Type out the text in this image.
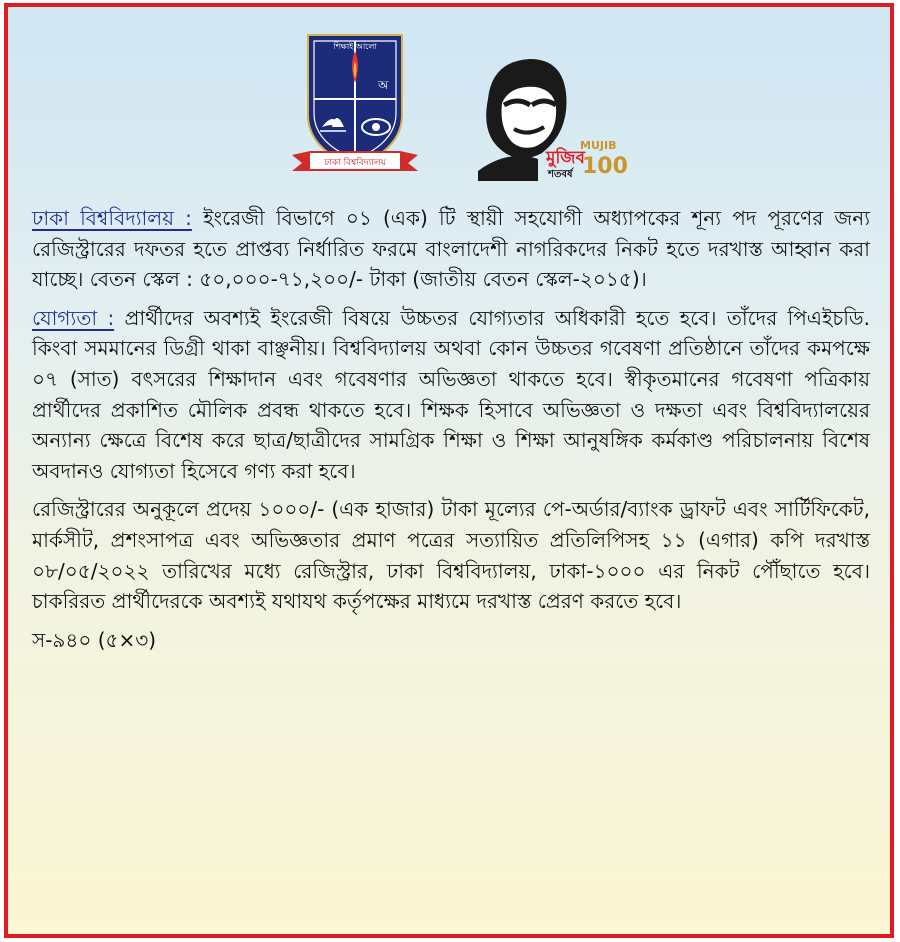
অ
শিক্ষাই আলো
ঢাকা বিশ্ববিদ্যালয়	মুজিব
শতবর্ষ
MUJIB
100

ঢাকা বিশ্ববিদ্যালয় : ইংরেজী বিভাগে ০১ (এক) টি স্থায়ী সহযোগী অধ্যাপকের শূন্য পদ পূরণের জন্য রেজিস্ট্রারের দফতর হতে প্রাপ্তব্য নির্ধারিত ফরমে বাংলাদেশী নাগরিকদের নিকট হতে দরখাস্ত আহ্বান করা যাচ্ছে। বেতন স্কেল : ৫০,০০০-৭১,২০০/- টাকা (জাতীয় বেতন স্কেল-২০১৫)।

যোগ্যতা : প্রার্থীদের অবশ্যই ইংরেজী বিষয়ে উচ্চতর যোগ্যতার অধিকারী হতে হবে। তাঁদের পিএইচডি. কিংবা সমমানের ডিগ্রী থাকা বাঞ্ছনীয়। বিশ্ববিদ্যালয় অথবা কোন উচ্চতর গবেষণা প্রতিষ্ঠানে তাঁদের কমপক্ষে ০৭ (সাত) বৎসরের শিক্ষাদান এবং গবেষণার অভিজ্ঞতা থাকতে হবে। স্বীকৃতমানের গবেষণা পত্রিকায় প্রার্থীদের প্রকাশিত মৌলিক প্রবন্ধ থাকতে হবে। শিক্ষক হিসাবে অভিজ্ঞতা ও দক্ষতা এবং বিশ্ববিদ্যালয়ের অন্যান্য ক্ষেত্রে বিশেষ করে ছাত্র/ছাত্রীদের সামগ্রিক শিক্ষা ও শিক্ষা আনুষঙ্গিক কর্মকাণ্ড পরিচালনায় বিশেষ অবদানও যোগ্যতা হিসেবে গণ্য করা হবে।

রেজিস্ট্রারের অনুকূলে প্রদেয় ১০০০/- (এক হাজার) টাকা মূল্যের পে-অর্ডার/ব্যাংক ড্রাফট এবং সার্টিফিকেট, মার্কসীট, প্রশংসাপত্র এবং অভিজ্ঞতার প্রমাণ পত্রের সত্যায়িত প্রতিলিপিসহ ১১ (এগার) কপি দরখাস্ত ০৮/০৫/২০২২ তারিখের মধ্যে রেজিস্ট্রার, ঢাকা বিশ্ববিদ্যালয়, ঢাকা-১০০০ এর নিকট পৌঁছাতে হবে। চাকরিরত প্রার্থীদেরকে অবশ্যই যথাযথ কর্তৃপক্ষের মাধ্যমে দরখাস্ত প্রেরণ করতে হবে।

স-৯৪০ (৫×৩)
